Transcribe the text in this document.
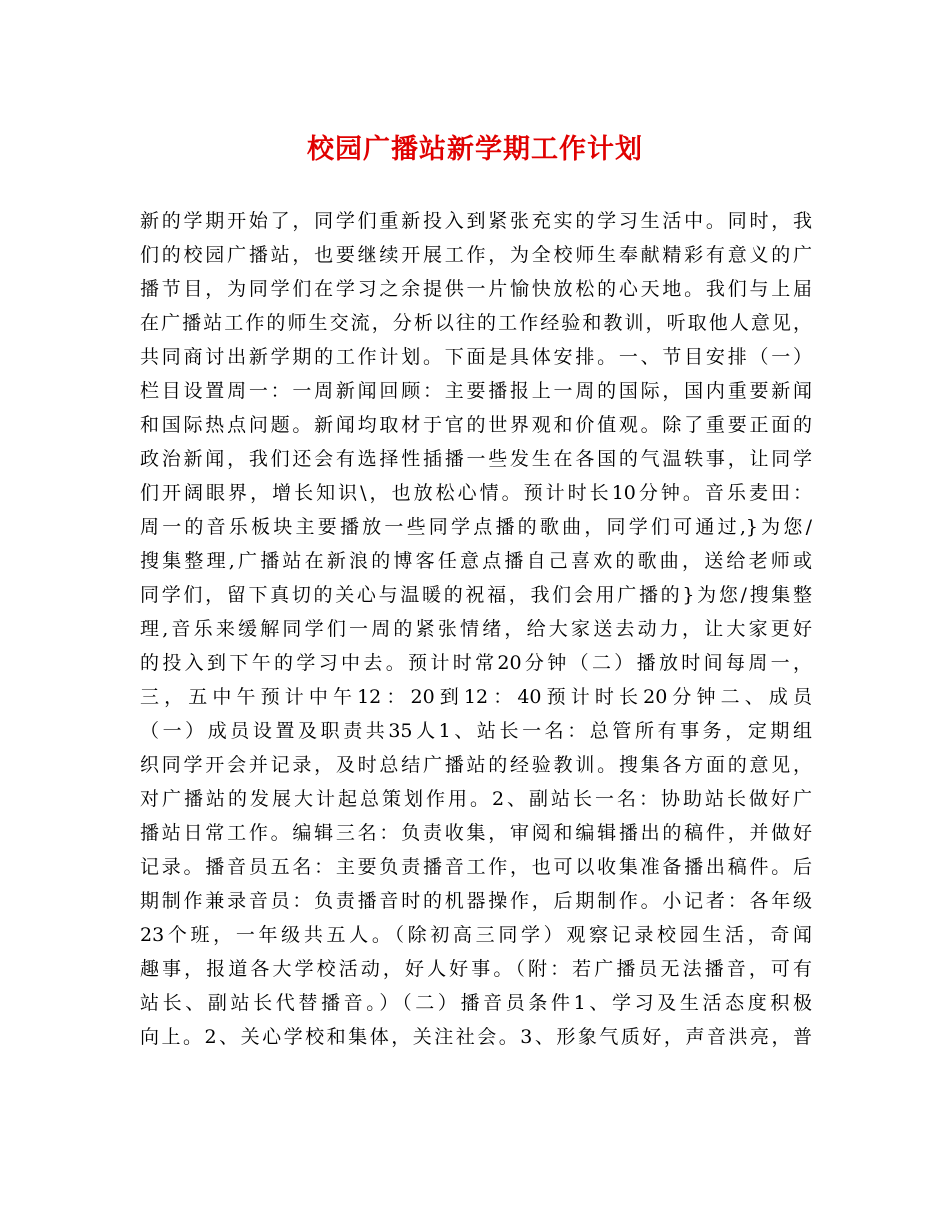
校园广播站新学期工作计划
新的学期开始了，同学们重新投入到紧张充实的学习生活中。同时，我
们的校园广播站，也要继续开展工作，为全校师生奉献精彩有意义的广
播节目，为同学们在学习之余提供一片愉快放松的心天地。我们与上届
在广播站工作的师生交流，分析以往的工作经验和教训，听取他人意见，
共同商讨出新学期的工作计划。下面是具体安排。一、节目安排（一）
栏目设置周一：一周新闻回顾：主要播报上一周的国际，国内重要新闻
和国际热点问题。新闻均取材于官的世界观和价值观。除了重要正面的
政治新闻，我们还会有选择性插播一些发生在各国的气温轶事，让同学
们开阔眼界，增长知识\，也放松心情。预计时长10分钟。音乐麦田：
周一的音乐板块主要播放一些同学点播的歌曲，同学们可通过,}为您/
搜集整理,广播站在新浪的博客任意点播自己喜欢的歌曲，送给老师或
同学们，留下真切的关心与温暖的祝福，我们会用广播的}为您/搜集整
理,音乐来缓解同学们一周的紧张情绪，给大家送去动力，让大家更好
的投入到下午的学习中去。预计时常20分钟（二）播放时间每周一，
三，五中午预计中午12：20到12：40预计时长20分钟二、成员
（一）成员设置及职责共35人1、站长一名：总管所有事务，定期组
织同学开会并记录，及时总结广播站的经验教训。搜集各方面的意见，
对广播站的发展大计起总策划作用。2、副站长一名：协助站长做好广
播站日常工作。编辑三名：负责收集，审阅和编辑播出的稿件，并做好
记录。播音员五名：主要负责播音工作，也可以收集准备播出稿件。后
期制作兼录音员：负责播音时的机器操作，后期制作。小记者：各年级
23个班，一年级共五人。（除初高三同学）观察记录校园生活，奇闻
趣事，报道各大学校活动，好人好事。（附：若广播员无法播音，可有
站长、副站长代替播音。）（二）播音员条件1、学习及生活态度积极
向上。2、关心学校和集体，关注社会。3、形象气质好，声音洪亮，普
